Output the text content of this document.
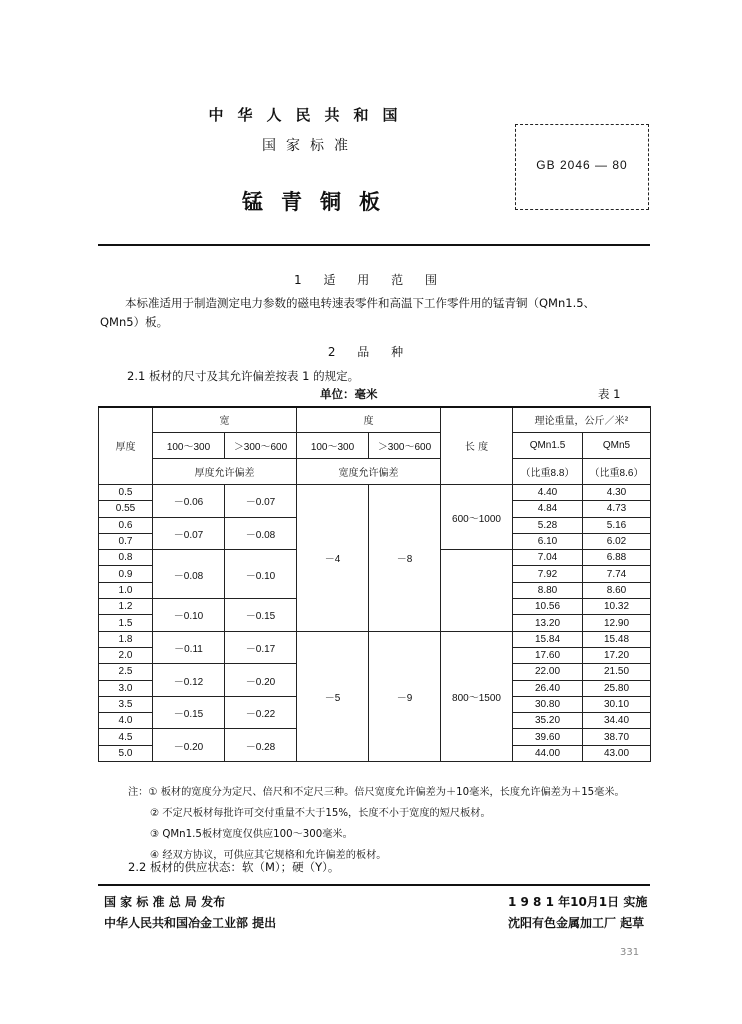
中华人民共和国
国家标准
锰青铜板
GB 2046 — 80
1 适 用 范 围
本标准适用于制造测定电力参数的磁电转速表零件和高温下工作零件用的锰青铜（QMn1.5、
QMn5）板。
2 品 种
2.1 板材的尺寸及其允许偏差按表 1 的规定。
单位：毫米	表 1
厚度	宽		度		长 度	理论重量，公斤／米²	
	100～300	＞300～600	100～300	＞300～600		QMn1.5	QMn5
	厚度允许偏差		宽度允许偏差			（比重8.8）	（比重8.6）
0.5	－0.06	－0.07	－4	－8	600～1000	4.40	4.30
0.55						4.84	4.73
0.6	－0.07	－0.08				5.28	5.16
0.7						6.10	6.02
0.8	－0.08	－0.10				7.04	6.88
0.9						7.92	7.74
1.0						8.80	8.60
1.2	－0.10	－0.15				10.56	10.32
1.5						13.20	12.90
1.8	－0.11	－0.17	－5	－9	800～1500	15.84	15.48
2.0						17.60	17.20
2.5	－0.12	－0.20				22.00	21.50
3.0						26.40	25.80
3.5	－0.15	－0.22				30.80	30.10
4.0						35.20	34.40
4.5	－0.20	－0.28				39.60	38.70
5.0						44.00	43.00
注：① 板材的宽度分为定尺、倍尺和不定尺三种。倍尺宽度允许偏差为＋10毫米，长度允许偏差为＋15毫米。
② 不定尺板材每批许可交付重量不大于15%，长度不小于宽度的短尺板材。
③ QMn1.5板材宽度仅供应100～300毫米。
④ 经双方协议，可供应其它规格和允许偏差的板材。
2.2 板材的供应状态：软（M）；硬（Y）。
国 家 标 准 总 局 发布
中华人民共和国冶金工业部 提出
1 9 8 1 年10月1日 实施
沈阳有色金属加工厂 起草
331
